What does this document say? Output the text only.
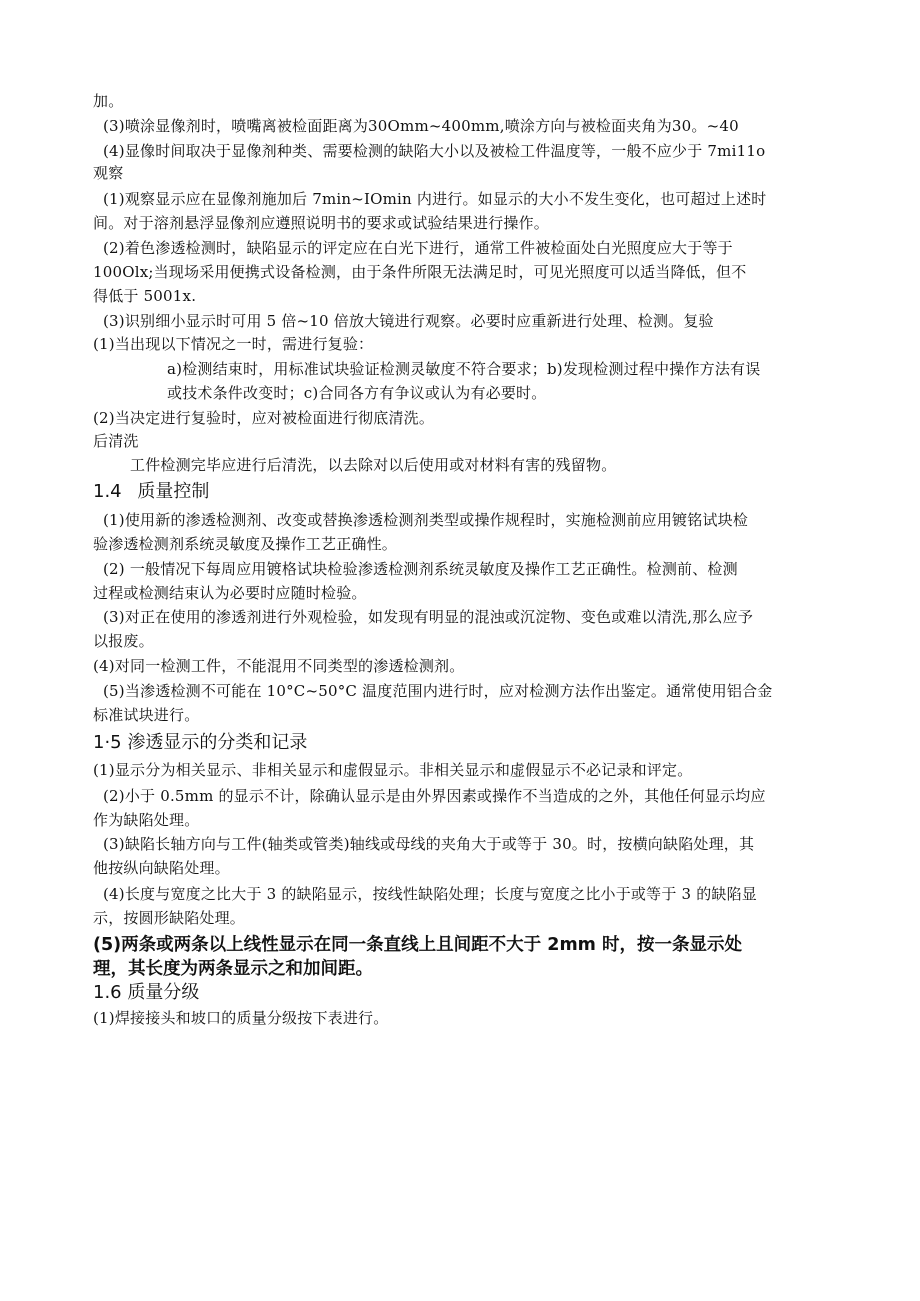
加。
(3)喷涂显像剂时，喷嘴离被检面距离为30Omm~400mm,喷涂方向与被检面夹角为30。~40
(4)显像时间取决于显像剂种类、需要检测的缺陷大小以及被检工件温度等，一般不应少于 7mi11o
观察
(1)观察显示应在显像剂施加后 7min~IOmin 内进行。如显示的大小不发生变化，也可超过上述时
间。对于溶剂悬浮显像剂应遵照说明书的要求或试验结果进行操作。
(2)着色渗透检测时，缺陷显示的评定应在白光下进行，通常工件被检面处白光照度应大于等于
100Olx;当现场采用便携式设备检测，由于条件所限无法满足时，可见光照度可以适当降低，但不
得低于 5001x.
(3)识别细小显示时可用 5 倍~10 倍放大镜进行观察。必要时应重新进行处理、检测。复验
(1)当出现以下情况之一时，需进行复验：
a)检测结束时，用标准试块验证检测灵敏度不符合要求；b)发现检测过程中操作方法有误
或技术条件改变时；c)合同各方有争议或认为有必要时。
(2)当决定进行复验时，应对被检面进行彻底清洗。
后清洗
工件检测完毕应进行后清洗，以去除对以后使用或对材料有害的残留物。
1.4 质量控制
(1)使用新的渗透检测剂、改变或替换渗透检测剂类型或操作规程时，实施检测前应用镀铭试块检
验渗透检测剂系统灵敏度及操作工艺正确性。
(2) 一般情况下每周应用镀格试块检验渗透检测剂系统灵敏度及操作工艺正确性。检测前、检测
过程或检测结束认为必要时应随时检验。
(3)对正在使用的渗透剂进行外观检验，如发现有明显的混浊或沉淀物、变色或难以清洗,那么应予
以报废。
(4)对同一检测工件，不能混用不同类型的渗透检测剂。
(5)当渗透检测不可能在 10°C~50°C 温度范围内进行时，应对检测方法作出鉴定。通常使用铝合金
标准试块进行。
1·5 渗透显示的分类和记录
(1)显示分为相关显示、非相关显示和虚假显示。非相关显示和虚假显示不必记录和评定。
(2)小于 0.5mm 的显示不计，除确认显示是由外界因素或操作不当造成的之外，其他任何显示均应
作为缺陷处理。
(3)缺陷长轴方向与工件(轴类或管类)轴线或母线的夹角大于或等于 30。时，按横向缺陷处理，其
他按纵向缺陷处理。
(4)长度与宽度之比大于 3 的缺陷显示，按线性缺陷处理；长度与宽度之比小于或等于 3 的缺陷显
示，按圆形缺陷处理。
(5)两条或两条以上线性显示在同一条直线上且间距不大于 2mm 时，按一条显示处
理，其长度为两条显示之和加间距。
1.6 质量分级
(1)焊接接头和坡口的质量分级按下表进行。
